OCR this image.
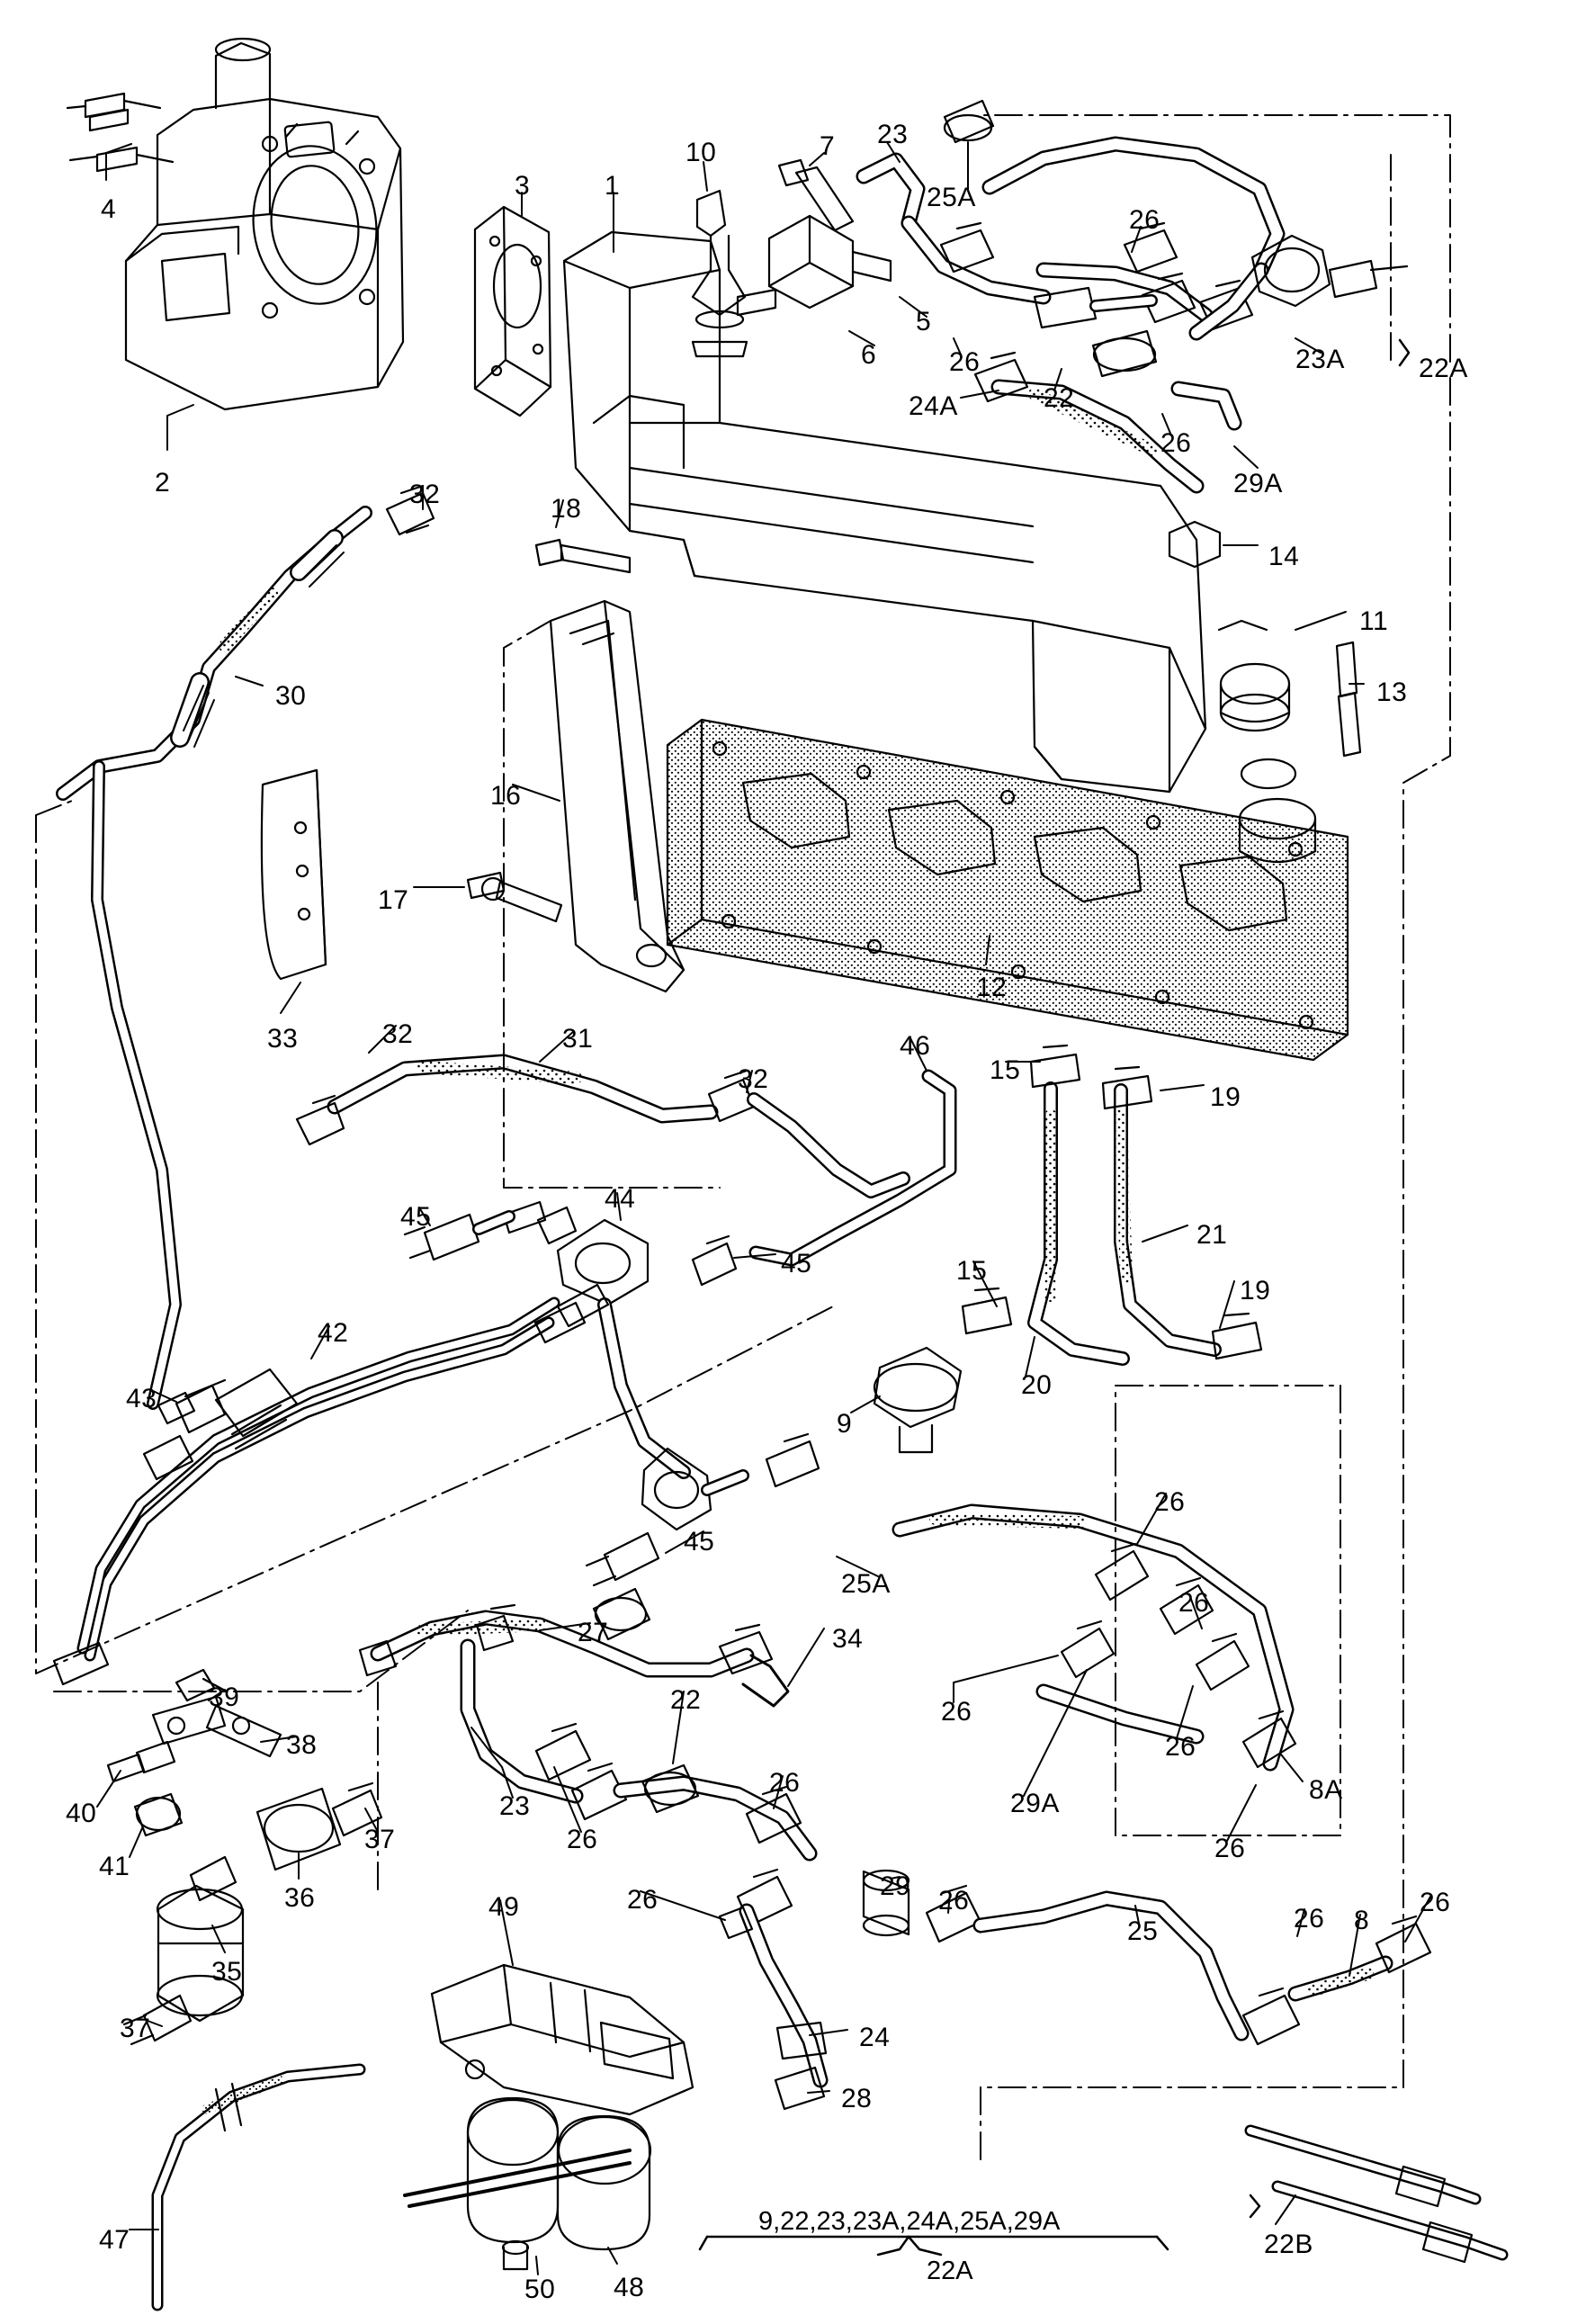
4
2
3	1
10	7 23
25A
26
23A	22A
5
6	26
22
24A
26
29A
32	18
14
11
13
30
16
17
33
12
32	31
32
46
15
19
45
44
45	15
21
19
42
43	20
9
26
45
25A
27	34
26
39
38
22	26
26
29A	8A
40
41
37
23
26
26
26
36
35
37
49	26	29 26
25	26 8
26
24
28
47
50 48
22B
9,22,23,23A,24A,25A,29A
22A
